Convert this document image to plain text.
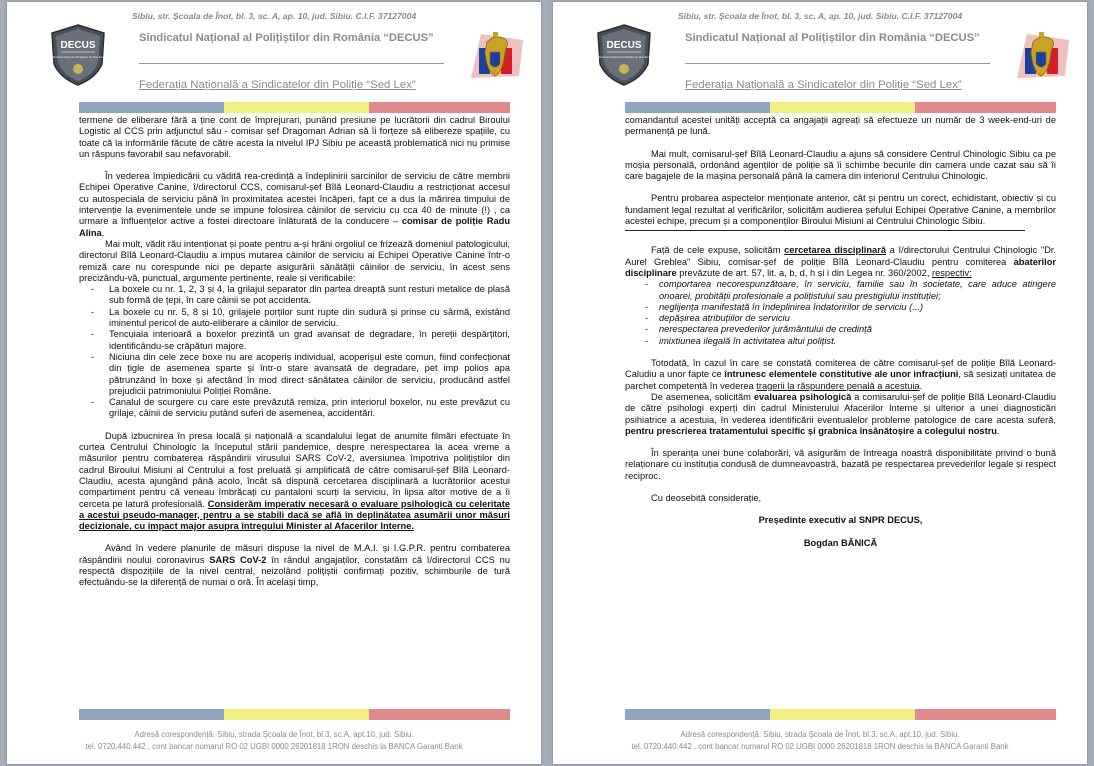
Sibiu, str. Școala de Înot, bl. 3, sc. A, ap. 10, jud. Sibiu. C.I.F. 37127004
DECUS
Sindicatul Național al Polițiștilor din România
Sindicatul Național al Polițiștilor din România “DECUS”
Federația Națională a Sindicatelor din Poliție “Sed Lex”

termene de eliberare fără a ține cont de împrejurari, punând presiune pe lucrătorii din cadrul Biroului Logistic al CCS prin adjunctul său - comisar șef Dragoman Adrian să îi forțeze să elibereze spațiile, cu toate că la informările făcute de către acesta la nivelul IPJ Sibiu pe această problematică nici nu primise un răspuns favorabil sau nefavorabil.

În vederea împiedicării cu vădită rea-credință a îndeplinirii sarcinilor de serviciu de către membrii Echipei Operative Canine, î/directorul CCS, comisarul-șef Bîlă Leonard-Claudiu a restricționat accesul cu autospeciala de serviciu până în proximitatea acestei încăperi, fapt ce a dus la mărirea timpului de intervenție la evenimentele unde se impune folosirea câinilor de serviciu cu cca 40 de minute (!) , ca urmare a înfluențelor active a fostei directoare înlăturată de la conducere – comisar de poliție Radu Alina.

Mai mult, vădit rău intenționat și poate pentru a-și hrăni orgoliul ce frizează domeniul patologicului, directorul Bîlă Leonard-Claudiu a impus mutarea câinilor de serviciu ai Echipei Operative Canine într-o remiză care nu corespunde nici pe departe asigurării sănătății câinilor de serviciu, în acest sens precizându-vă, punctual, argumente pertinente, reale și verificabile:

- La boxele cu nr. 1, 2, 3 și 4, la grilajul separator din partea dreaptă sunt resturi metalice de plasă sub formă de țepi, în care câinii se pot accidenta.
- La boxele cu nr. 5, 8 și 10, grilajele porților sunt rupte din sudură și prinse cu sârmă, existând iminentul pericol de auto-eliberare a câinilor de serviciu.
- Tencuiala interioară a boxelor prezintă un grad avansat de degradare, în pereții despărțitori, identificându-se crăpături majore.
- Niciuna din cele zece boxe nu are acoperiș individual, acoperișul este comun, fiind confecționat din țigle de asemenea sparte și într-o stare avansată de degradare, pet imp polios apa pătrunzând în boxe și afectând în mod direct sănătatea câinilor de serviciu, producând astfel prejudicii patrimoniului Poliției Române.
- Canalul de scurgere cu care este prevăzută remiza, prin interiorul boxelor, nu este prevăzut cu grilaje, câinii de serviciu putând suferi de asemenea, accidentări.

După izbucnirea în presa locală și națională a scandalului legat de anumite filmări efectuate în curtea Centrului Chinologic la începutul stării pandemice, despre nerespectarea la acea vreme a măsurilor pentru combaterea răspândirii virusului SARS CoV-2, aversiunea împotriva polițiștilor din cadrul Biroului Misiuni al Centrului a fost preluată și amplificată de către comisarul-șef Bîlă Leonard-Claudiu, acesta ajungând până acolo, încât să dispună cercetarea disciplinară a lucrătorilor acestui compartiment pentru că veneau îmbrăcați cu pantaloni scurți la serviciu, în lipsa altor motive de a îi cerceta pe latură profesională. Considerăm imperativ necesară o evaluare psihologică cu celeritate a acestui pseudo-manager, pentru a se stabili dacă se află în deplinătatea asumării unor măsuri decizionale, cu impact major asupra întregului Minister al Afacerilor Interne.

Având în vedere planurile de măsuri dispuse la nivel de M.A.I. și I.G.P.R. pentru combaterea răspândirii noului coronavirus SARS CoV-2 în rândul angajaților, constatăm că î/directorul CCS nu respectă dispozițiile de la nivel central, neizolând polițiștii confirmați pozitiv, schimburile de tură efectuându-se la diferență de numai o oră. În același timp,

Adresă corespondență: Sibiu, strada Școala de Înot, bl.3, sc.A, apt.10, jud. Sibiu.
tel. 0720.440.442 , cont bancar numarul RO 02 UGBI 0000 26201818 1RON deschis la BANCA Garanti Bank
Sibiu, str. Școala de Înot, bl. 3, sc. A, ap. 10, jud. Sibiu. C.I.F. 37127004
DECUS
Sindicatul Național al Polițiștilor din România
Sindicatul Național al Polițiștilor din România “DECUS”
Federația Națională a Sindicatelor din Poliție “Sed Lex”

comandantul acestei unități acceptă ca angajații agreați să efectueze un număr de 3 week-end-uri de permanență pe lună.

Mai mult, comisarul-șef Bîlă Leonard-Claudiu a ajuns să considere Centrul Chinologic Sibiu ca pe moșia personală, ordonând agenților de poliție să îi schimbe becurile din camera unde cazat sau să îi care bagajele de la mașina personală până la camera din interiorul Centrului Chinologic.

Pentru probarea aspectelor menționate anterior, cât și pentru un corect, echidistant, obiectiv și cu fundament legal rezultat al verificărilor, solicităm audierea șefului Echipei Operative Canine, a membrilor acestei echipe, precum și a componenților Biroului Misiuni ai Centrului Chinologic Sibiu.

Față de cele expuse, solicităm cercetarea disciplinară a î/directorului Centrului Chinologic "Dr. Aurel Greblea" Sibiu, comisar-șef de poliție Bîlă Leonard-Claudiu pentru comiterea abaterilor disciplinare prevăzute de art. 57, lit. a, b, d, h și i din Legea nr. 360/2002, respectiv:

- comportarea necorespunzătoare, în serviciu, familie sau în societate, care aduce atingere onoarei, probității profesionale a polițistului sau prestigiului instituției;
- neglijența manifestată în îndeplinirea îndatoririlor de serviciu (...)
- depășirea atribuțiilor de serviciu
- nerespectarea prevederilor jurământului de credință
- imixtiunea ilegală în activitatea altui polițist.

Totodată, în cazul în care se constată comiterea de către comisarul-șef de poliție Bîlă Leonard-Caludiu a unor fapte ce întrunesc elementele constitutive ale unor infracțiuni, să sesizați unitatea de parchet competentă în vederea tragerii la răspundere penală a acestuia.

De asemenea, solicităm evaluarea psihologică a comisarului-șef de poliție Bîlă Leonard-Claudiu de către psihologi experți din cadrul Ministerului Afacerilor Interne și ulterior a unei diagnosticări psihiatrice a acestuia, în vederea identificării eventualelor probleme patologice de care acesta suferă, pentru prescrierea tratamentului specific și grabnica însănătoșire a colegului nostru.

În speranța unei bune colaborări, vă asigurăm de întreaga noastră disponibilitate privind o bună relaționare cu instituția condusă de dumneavoastră, bazată pe respectarea prevederilor legale și respect reciproc.

Cu deosebită considerație,

Președinte executiv al SNPR DECUS,

Bogdan BĂNICĂ

Adresă corespondență: Sibiu, strada Școala de Înot, bl.3, sc.A, apt.10, jud. Sibiu.
tel. 0720.440.442 , cont bancar numarul RO 02 UGBI 0000 26201818 1RON deschis la BANCA Garanti Bank
